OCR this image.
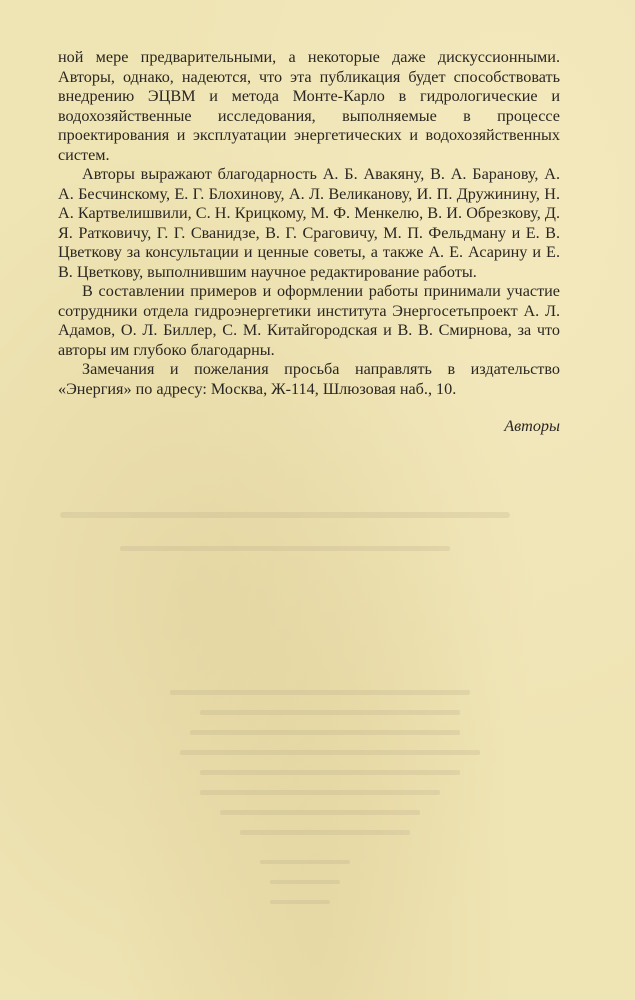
ной мере предварительными, а некоторые даже дискуссионными. Авторы, однако, надеются, что эта публикация будет способствовать внедрению ЭЦВМ и метода Монте-Карло в гидрологические и водохозяйственные исследования, выполняемые в процессе проектирования и эксплуатации энергетических и водохозяйственных систем.

Авторы выражают благодарность А. Б. Авакяну, В. А. Баранову, А. А. Бесчинскому, Е. Г. Блохинову, А. Л. Великанову, И. П. Дружинину, Н. А. Картвелишвили, С. Н. Крицкому, М. Ф. Менкелю, В. И. Обрезкову, Д. Я. Ратковичу, Г. Г. Сванидзе, В. Г. Сраговичу, М. П. Фельдману и Е. В. Цветкову за консультации и ценные советы, а также А. Е. Асарину и Е. В. Цветкову, выполнившим научное редактирование работы.

В составлении примеров и оформлении работы принимали участие сотрудники отдела гидроэнергетики института Энергосетьпроект А. Л. Адамов, О. Л. Биллер, С. М. Китайгородская и В. В. Смирнова, за что авторы им глубоко благодарны.

Замечания и пожелания просьба направлять в издательство «Энергия» по адресу: Москва, Ж-114, Шлюзовая наб., 10.

Авторы
